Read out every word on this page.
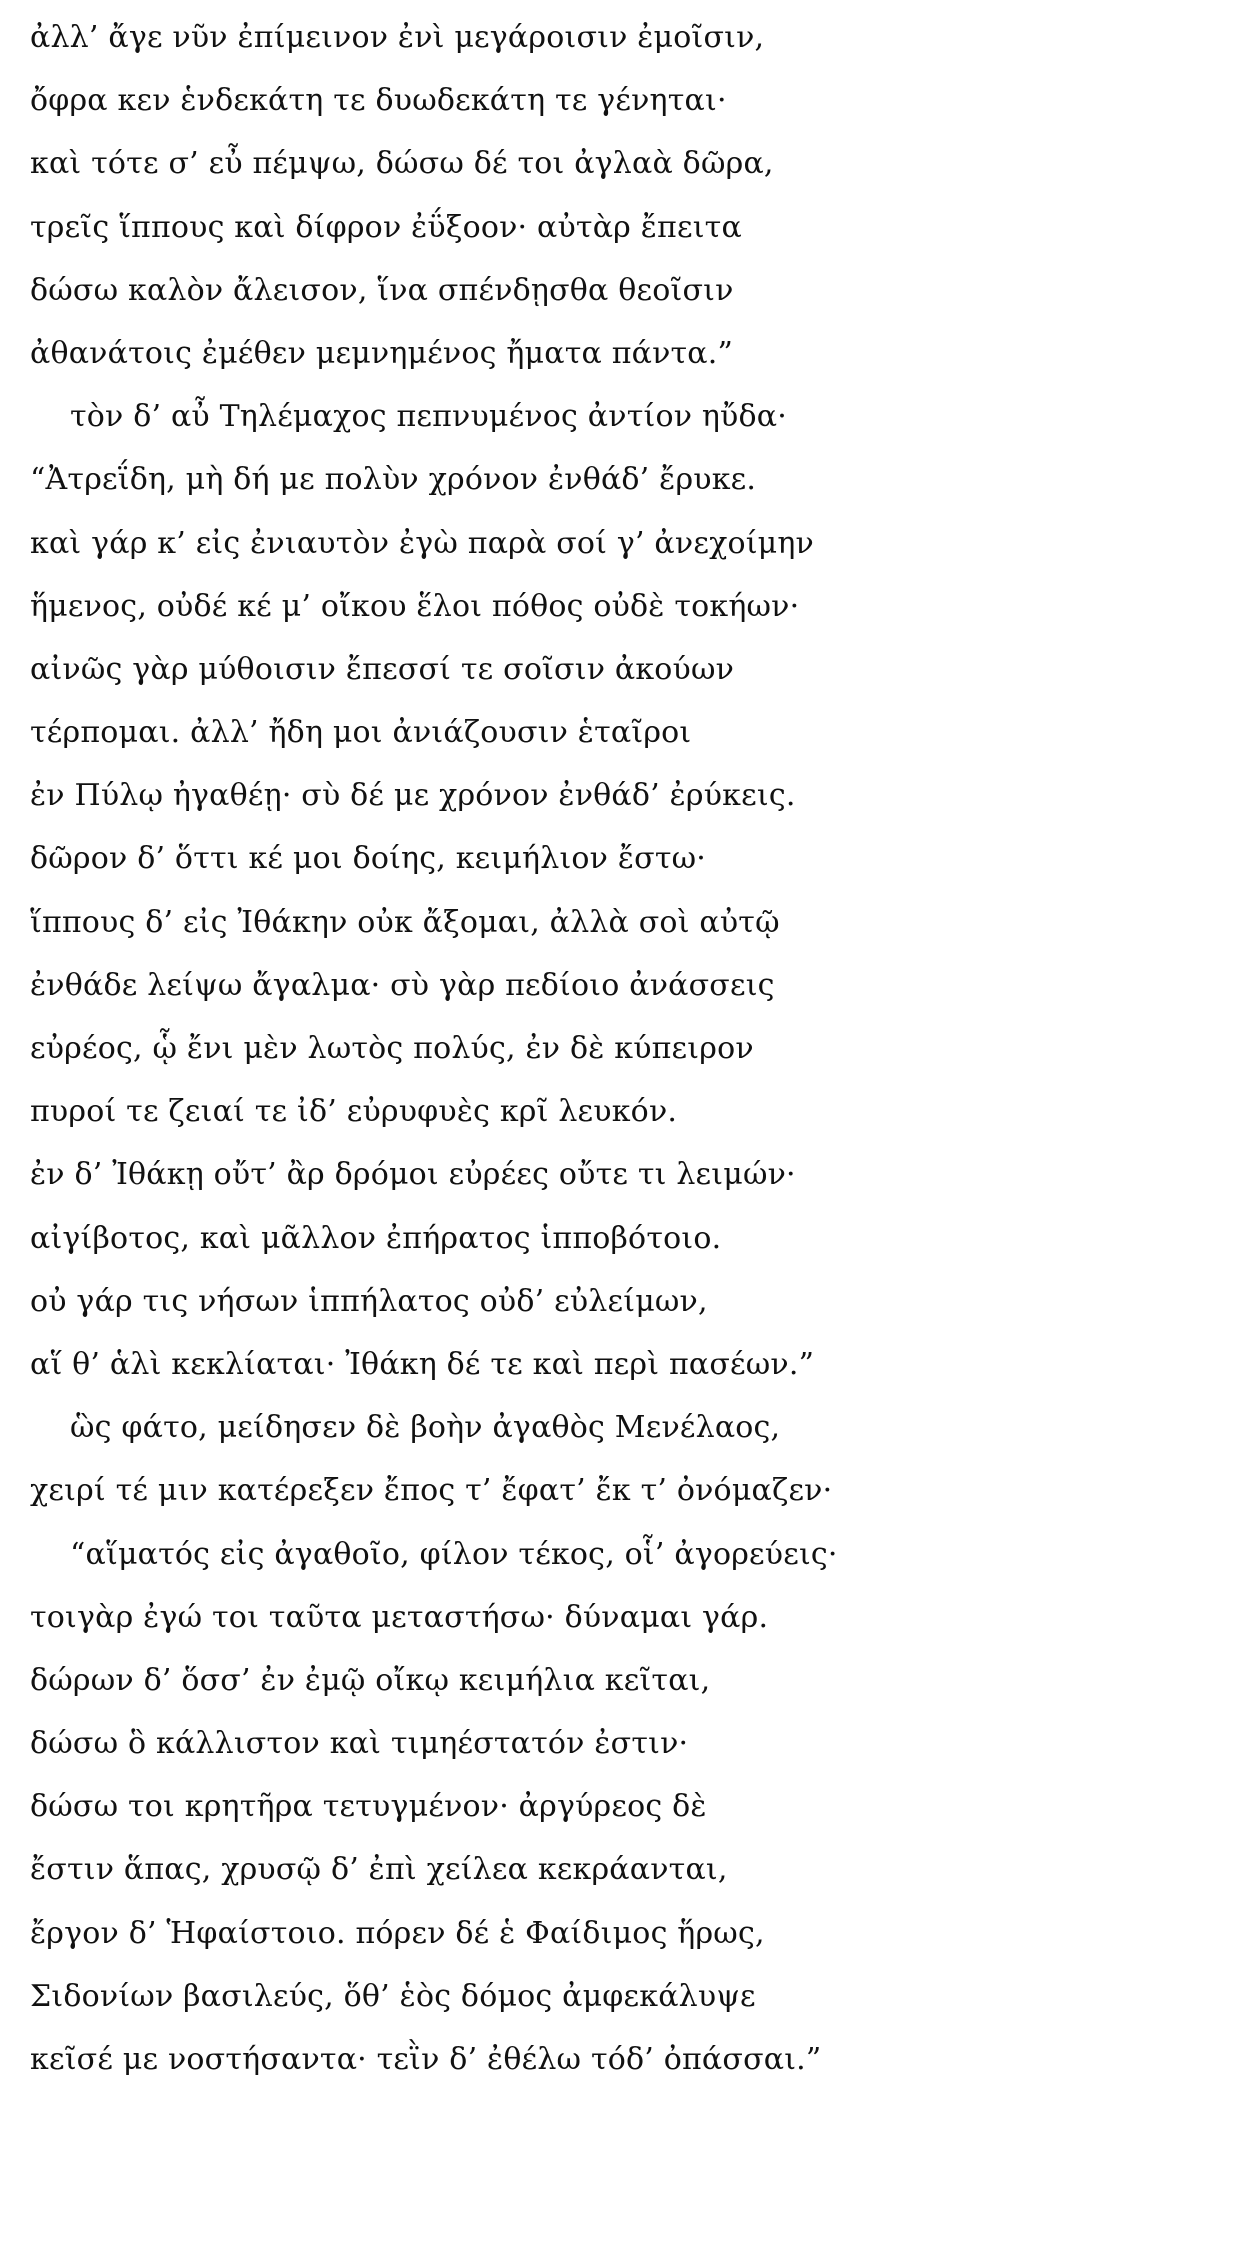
ἀλλ’ ἄγε νῦν ἐπίμεινον ἐνὶ μεγάροισιν ἐμοῖσιν,
ὄφρα κεν ἑνδεκάτη τε δυωδεκάτη τε γένηται·
καὶ τότε σ’ εὖ πέμψω, δώσω δέ τοι ἀγλαὰ δῶρα,
τρεῖς ἵππους καὶ δίφρον ἐΰξοον· αὐτὰρ ἔπειτα
δώσω καλὸν ἄλεισον, ἵνα σπένδῃσθα θεοῖσιν
ἀθανάτοις ἐμέθεν μεμνημένος ἤματα πάντα.”
τὸν δ’ αὖ Τηλέμαχος πεπνυμένος ἀντίον ηὔδα·
“Ἀτρεΐδη, μὴ δή με πολὺν χρόνον ἐνθάδ’ ἔρυκε.
καὶ γάρ κ’ εἰς ἐνιαυτὸν ἐγὼ παρὰ σοί γ’ ἀνεχοίμην
ἥμενος, οὐδέ κέ μ’ οἴκου ἕλοι πόθος οὐδὲ τοκήων·
αἰνῶς γὰρ μύθοισιν ἔπεσσί τε σοῖσιν ἀκούων
τέρπομαι. ἀλλ’ ἤδη μοι ἀνιάζουσιν ἑταῖροι
ἐν Πύλῳ ἠγαθέῃ· σὺ δέ με χρόνον ἐνθάδ’ ἐρύκεις.
δῶρον δ’ ὅττι κέ μοι δοίης, κειμήλιον ἔστω·
ἵππους δ’ εἰς Ἰθάκην οὐκ ἄξομαι, ἀλλὰ σοὶ αὐτῷ
ἐνθάδε λείψω ἄγαλμα· σὺ γὰρ πεδίοιο ἀνάσσεις
εὐρέος, ᾧ ἔνι μὲν λωτὸς πολύς, ἐν δὲ κύπειρον
πυροί τε ζειαί τε ἰδ’ εὐρυφυὲς κρῖ λευκόν.
ἐν δ’ Ἰθάκῃ οὔτ’ ἂρ δρόμοι εὐρέες οὔτε τι λειμών·
αἰγίβοτος, καὶ μᾶλλον ἐπήρατος ἱπποβότοιο.
οὐ γάρ τις νήσων ἱππήλατος οὐδ’ εὐλείμων,
αἵ θ’ ἁλὶ κεκλίαται· Ἰθάκη δέ τε καὶ περὶ πασέων.”
ὣς φάτο, μείδησεν δὲ βοὴν ἀγαθὸς Μενέλαος,
χειρί τέ μιν κατέρεξεν ἔπος τ’ ἔφατ’ ἔκ τ’ ὀνόμαζεν·
“αἵματός εἰς ἀγαθοῖο, φίλον τέκος, οἷ’ ἀγορεύεις·
τοιγὰρ ἐγώ τοι ταῦτα μεταστήσω· δύναμαι γάρ.
δώρων δ’ ὅσσ’ ἐν ἐμῷ οἴκῳ κειμήλια κεῖται,
δώσω ὃ κάλλιστον καὶ τιμηέστατόν ἐστιν·
δώσω τοι κρητῆρα τετυγμένον· ἀργύρεος δὲ
ἔστιν ἅπας, χρυσῷ δ’ ἐπὶ χείλεα κεκράανται,
ἔργον δ’ Ἡφαίστοιο. πόρεν δέ ἑ Φαίδιμος ἥρως,
Σιδονίων βασιλεύς, ὅθ’ ἑὸς δόμος ἀμφεκάλυψε
κεῖσέ με νοστήσαντα· τεῒν δ’ ἐθέλω τόδ’ ὀπάσσαι.”
